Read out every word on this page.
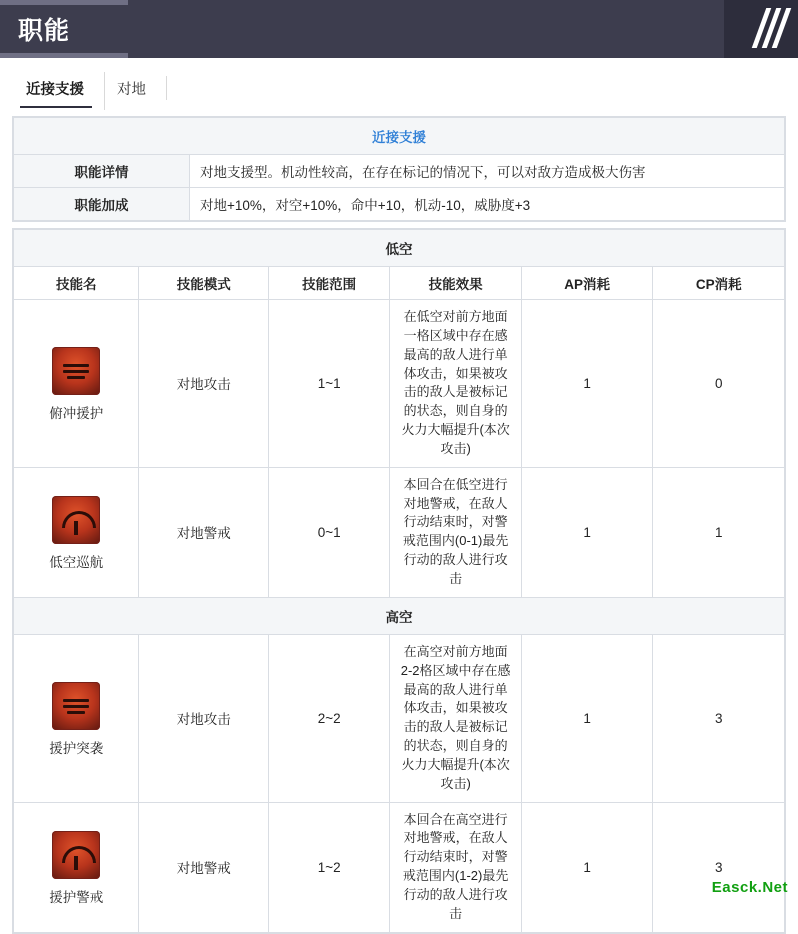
职能
近接支援	对地
近接支援	
职能详情	对地支援型。机动性较高，在存在标记的情况下，可以对敌方造成极大伤害
职能加成	对地+10%，对空+10%，命中+10，机动-10，威胁度+3
低空					
技能名	技能模式	技能范围	技能效果	AP消耗	CP消耗

俯冲援护	对地攻击	1~1	在低空对前方地面一格区域中存在感最高的敌人进行单体攻击，如果被攻击的敌人是被标记的状态，则自身的火力大幅提升(本次攻击)	1	0

低空巡航	对地警戒	0~1	本回合在低空进行对地警戒，在敌人行动结束时，对警戒范围内(0-1)最先行动的敌人进行攻击	1	1
高空					

援护突袭	对地攻击	2~2	在高空对前方地面2-2格区域中存在感最高的敌人进行单体攻击，如果被攻击的敌人是被标记的状态，则自身的火力大幅提升(本次攻击)	1	3

援护警戒	对地警戒	1~2	本回合在高空进行对地警戒，在敌人行动结束时，对警戒范围内(1-2)最先行动的敌人进行攻击	1	3
Easck.Net
